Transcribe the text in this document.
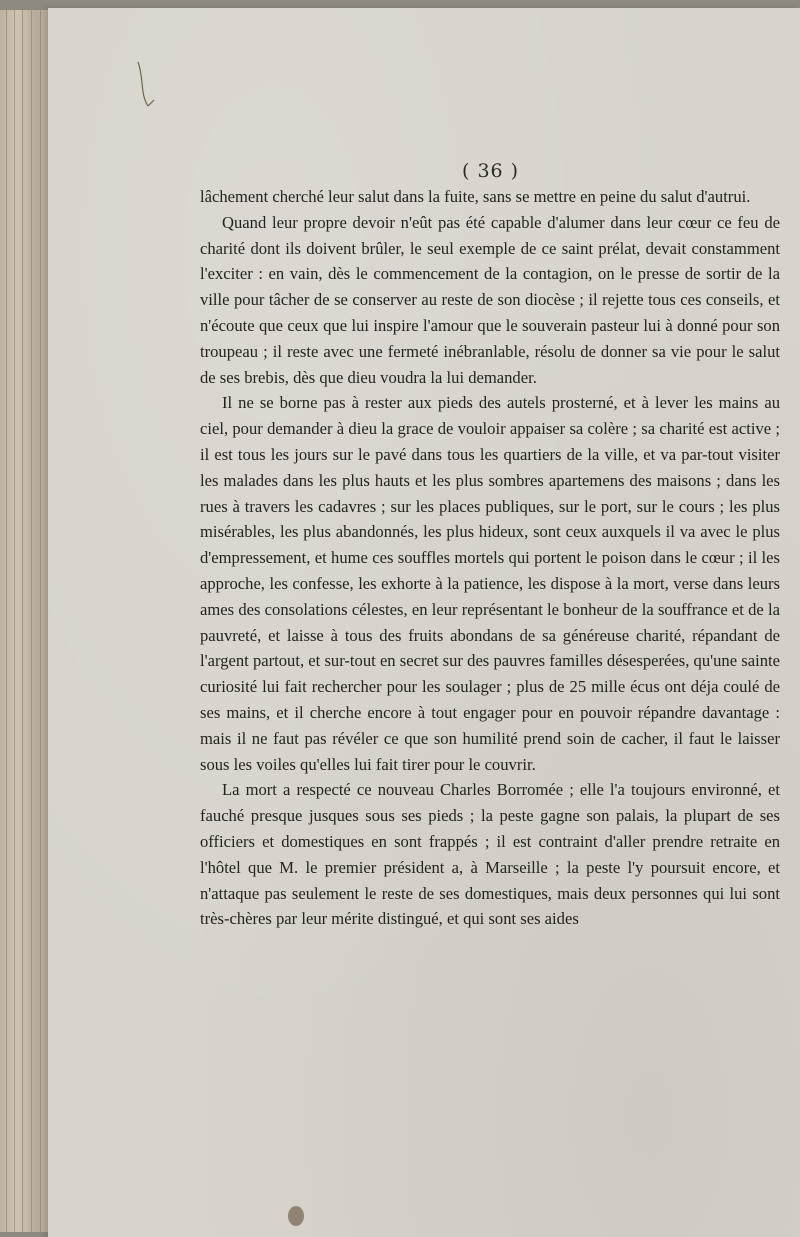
( 36 )

lâchement cherché leur salut dans la fuite, sans se mettre en peine du salut d'autrui.

Quand leur propre devoir n'eût pas été capable d'alumer dans leur cœur ce feu de charité dont ils doivent brûler, le seul exemple de ce saint prélat, devait constamment l'exciter : en vain, dès le commencement de la contagion, on le presse de sortir de la ville pour tâcher de se conserver au reste de son diocèse ; il rejette tous ces conseils, et n'écoute que ceux que lui inspire l'amour que le souverain pasteur lui à donné pour son troupeau ; il reste avec une fermeté inébranlable, résolu de donner sa vie pour le salut de ses brebis, dès que dieu voudra la lui demander.

Il ne se borne pas à rester aux pieds des autels prosterné, et à lever les mains au ciel, pour demander à dieu la grace de vouloir appaiser sa colère ; sa charité est active ; il est tous les jours sur le pavé dans tous les quartiers de la ville, et va par-tout visiter les malades dans les plus hauts et les plus sombres apartemens des maisons ; dans les rues à travers les cadavres ; sur les places publiques, sur le port, sur le cours ; les plus misérables, les plus abandonnés, les plus hideux, sont ceux auxquels il va avec le plus d'empressement, et hume ces souffles mortels qui portent le poison dans le cœur ; il les approche, les confesse, les exhorte à la patience, les dispose à la mort, verse dans leurs ames des consolations célestes, en leur représentant le bonheur de la souffrance et de la pauvreté, et laisse à tous des fruits abondans de sa généreuse charité, répandant de l'argent partout, et sur-tout en secret sur des pauvres familles désesperées, qu'une sainte curiosité lui fait rechercher pour les soulager ; plus de 25 mille écus ont déja coulé de ses mains, et il cherche encore à tout engager pour en pouvoir répandre davantage : mais il ne faut pas révéler ce que son humilité prend soin de cacher, il faut le laisser sous les voiles qu'elles lui fait tirer pour le couvrir.

La mort a respecté ce nouveau Charles Borromée ; elle l'a toujours environné, et fauché presque jusques sous ses pieds ; la peste gagne son palais, la plupart de ses officiers et domestiques en sont frappés ; il est contraint d'aller prendre retraite en l'hôtel que M. le premier président a, à Marseille ; la peste l'y poursuit encore, et n'attaque pas seulement le reste de ses domestiques, mais deux personnes qui lui sont très-chères par leur mérite distingué, et qui sont ses aides
